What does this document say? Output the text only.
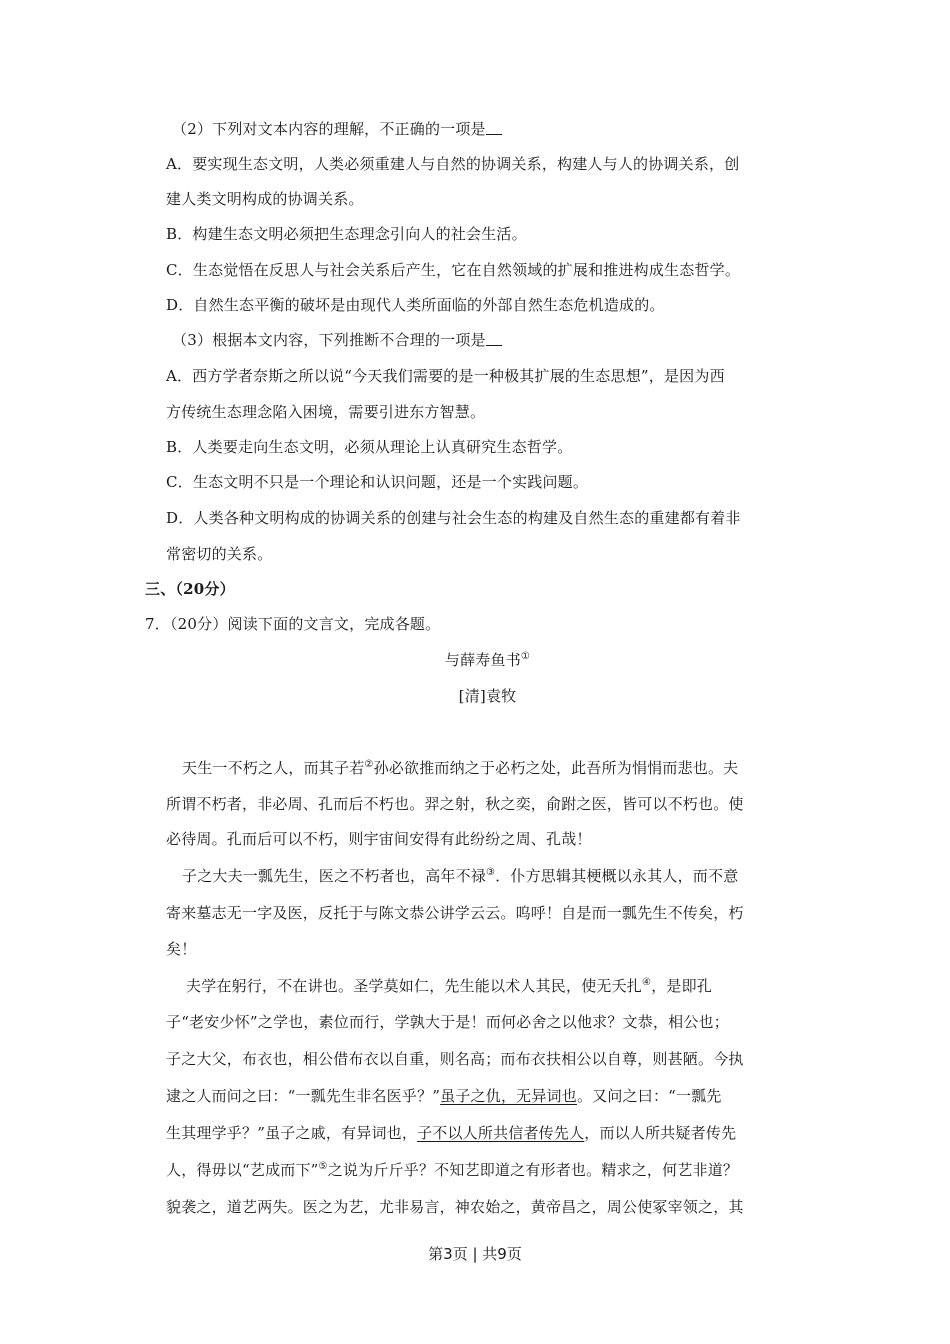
（2）下列对文本内容的理解，不正确的一项是
A．要实现生态文明，人类必须重建人与自然的协调关系，构建人与人的协调关系，创
建人类文明构成的协调关系。
B．构建生态文明必须把生态理念引向人的社会生活。
C．生态觉悟在反思人与社会关系后产生，它在自然领域的扩展和推进构成生态哲学。
D．自然生态平衡的破坏是由现代人类所面临的外部自然生态危机造成的。
（3）根据本文内容，下列推断不合理的一项是
A．西方学者奈斯之所以说“今天我们需要的是一种极其扩展的生态思想”，是因为西
方传统生态理念陷入困境，需要引进东方智慧。
B．人类要走向生态文明，必须从理论上认真研究生态哲学。
C．生态文明不只是一个理论和认识问题，还是一个实践问题。
D．人类各种文明构成的协调关系的创建与社会生态的构建及自然生态的重建都有着非
常密切的关系。
三、（20分）
7．（20分）阅读下面的文言文，完成各题。
与薛寿鱼书①
[清]袁牧
天生一不朽之人，而其子若②孙必欲推而纳之于必朽之处，此吾所为悁悁而悲也。夫
所谓不朽者，非必周、孔而后不朽也。羿之射，秋之奕，俞跗之医，皆可以不朽也。使
必待周。孔而后可以不朽，则宇宙间安得有此纷纷之周、孔哉！
子之大夫一瓢先生，医之不朽者也，高年不禄③．仆方思辑其梗概以永其人，而不意
寄来墓志无一字及医，反托于与陈文恭公讲学云云。呜呼！自是而一瓢先生不传矣，朽
矣！
夫学在躬行，不在讲也。圣学莫如仁，先生能以术人其民，使无夭扎④，是即孔
子“老安少怀”之学也，素位而行，学孰大于是！而何必舍之以他求？文恭，相公也；
子之大父，布衣也，相公借布衣以自重，则名高；而布衣扶相公以自尊，则甚陋。今执
逮之人而问之曰：“一瓢先生非名医乎？”虽子之仇，无异词也。又问之曰：“一瓢先
生其理学乎？”虽子之戚，有异词也，子不以人所共信者传先人，而以人所共疑者传先
人，得毋以“艺成而下”⑤之说为斤斤乎？不知艺即道之有形者也。精求之，何艺非道？
貌袭之，道艺两失。医之为艺，尤非易言，神农始之，黄帝昌之，周公使冢宰领之，其
第3页 | 共9页
